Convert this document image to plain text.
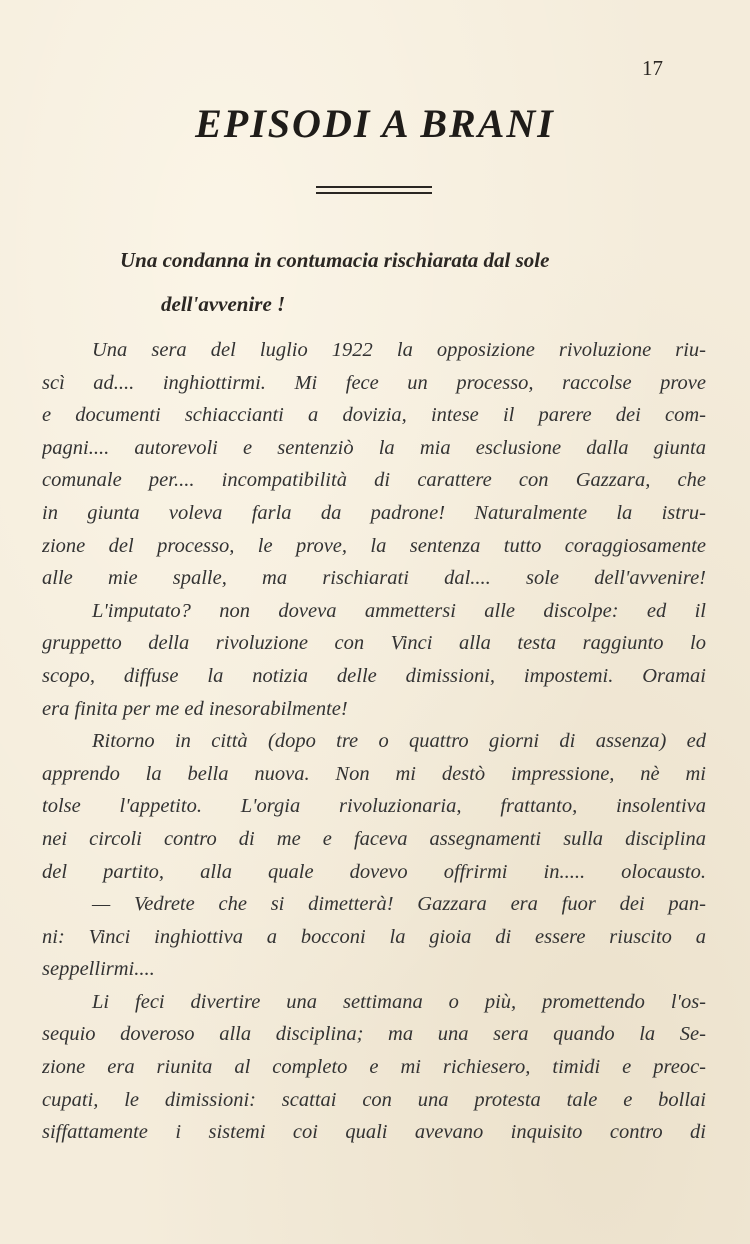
17
EPISODI A BRANI
Una condanna in contumacia rischiarata dal sole
dell'avvenire !
Una sera del luglio 1922 la opposizione rivoluzione riu-
scì ad.... inghiottirmi. Mi fece un processo, raccolse prove
e documenti schiaccianti a dovizia, intese il parere dei com-
pagni.... autorevoli e sentenziò la mia esclusione dalla giunta
comunale per.... incompatibilità di carattere con Gazzara, che
in giunta voleva farla da padrone! Naturalmente la istru-
zione del processo, le prove, la sentenza tutto coraggiosamente
alle mie spalle, ma rischiarati dal.... sole dell'avvenire!
L'imputato? non doveva ammettersi alle discolpe: ed il
gruppetto della rivoluzione con Vinci alla testa raggiunto lo
scopo, diffuse la notizia delle dimissioni, impostemi. Oramai
era finita per me ed inesorabilmente!
Ritorno in città (dopo tre o quattro giorni di assenza) ed
apprendo la bella nuova. Non mi destò impressione, nè mi
tolse l'appetito. L'orgia rivoluzionaria, frattanto, insolentiva
nei circoli contro di me e faceva assegnamenti sulla disciplina
del partito, alla quale dovevo offrirmi in..... olocausto.
— Vedrete che si dimetterà! Gazzara era fuor dei pan-
ni: Vinci inghiottiva a bocconi la gioia di essere riuscito a
seppellirmi....
Li feci divertire una settimana o più, promettendo l'os-
sequio doveroso alla disciplina; ma una sera quando la Se-
zione era riunita al completo e mi richiesero, timidi e preoc-
cupati, le dimissioni: scattai con una protesta tale e bollai
siffattamente i sistemi coi quali avevano inquisito contro di
